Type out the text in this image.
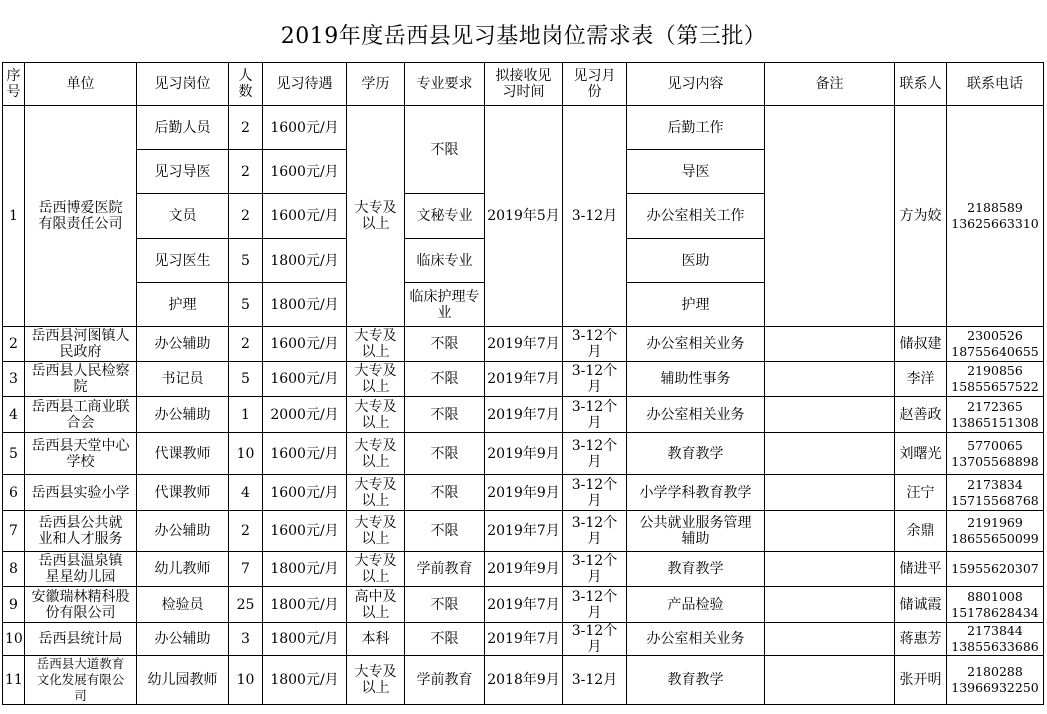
2019年度岳西县见习基地岗位需求表（第三批）
序
号	单位	见习岗位	人
数	见习待遇	学历	专业要求	拟接收见
习时间	见习月
份	见习内容	备注	联系人	联系电话
1	岳西博爱医院
有限责任公司	后勤人员	2	1600元/月	大专及
以上	不限	2019年5月	3-12月	后勤工作		方为姣	2188589
13625663310

		见习导医	2	1600元/月					导医			
		文员	2	1600元/月		文秘专业			办公室相关工作			
		见习医生	5	1800元/月		临床专业			医助			
		护理	5	1800元/月		临床护理专
业			护理			
2	岳西县河图镇人
民政府	办公辅助	2	1600元/月	大专及
以上	不限	2019年7月	3-12个月	办公室相关业务		储叔建	2300526
18755640655

3	岳西县人民检察
院	书记员	5	1600元/月	大专及
以上	不限	2019年7月	3-12个月	辅助性事务		李洋	2190856
15855657522

4	岳西县工商业联
合会	办公辅助	1	2000元/月	大专及
以上	不限	2019年7月	3-12个月	办公室相关业务		赵善政	2172365
13865151308

5	岳西县天堂中心
学校	代课教师	10	1600元/月	大专及
以上	不限	2019年9月	3-12个月	教育教学		刘曙光	5770065
13705568898

6	岳西县实验小学	代课教师	4	1600元/月	大专及
以上	不限	2019年9月	3-12个月	小学学科教育教学		汪宁	2173834
15715568768

7	岳西县公共就
业和人才服务	办公辅助	2	1600元/月	大专及
以上	不限	2019年7月	3-12个
月	公共就业服务管理
辅助		余鼎	2191969
18655650099

8	岳西县温泉镇
星星幼儿园	幼儿教师	7	1800元/月	大专及
以上	学前教育	2019年9月	3-12个月	教育教学		储进平	15955620307

9	安徽瑞林精科股
份有限公司	检验员	25	1800元/月	高中及
以上	不限	2019年7月	3-12个月	产品检验		储诚霞	8801008
15178628434

10	岳西县统计局	办公辅助	3	1800元/月	本科	不限	2019年7月	3-12个月	办公室相关业务		蒋惠芳	2173844
13855633686

11	岳西县大道教育
文化发展有限公
司	幼儿园教师	10	1800元/月	大专及
以上	学前教育	2018年9月	3-12月	教育教学		张开明	2180288
13966932250
